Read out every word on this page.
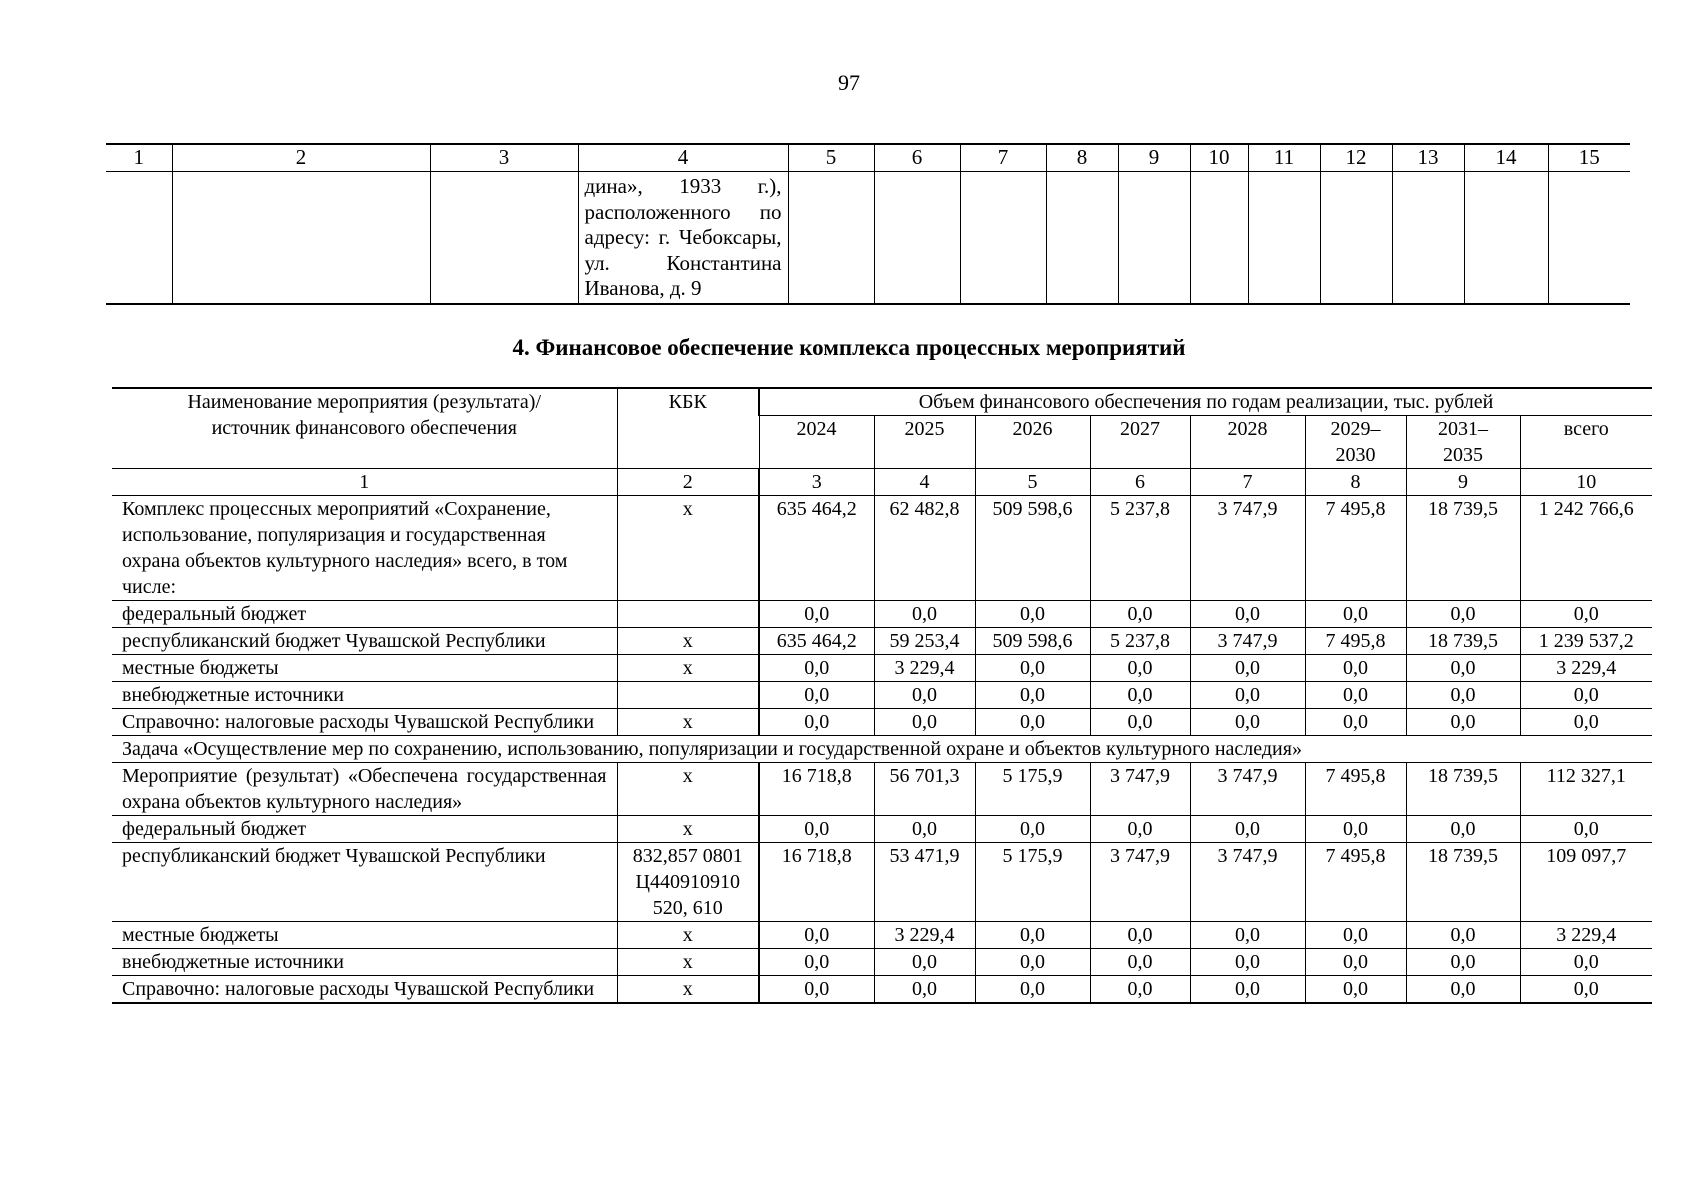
97
1	2	3	4	5	6	7	8	9	10	11	12	13	14	15

			дина», 1933 г.), расположенного по адресу: г. Чебоксары, ул. Константина Иванова, д. 9											

4. Финансовое обеспечение комплекса процессных мероприятий
Наименование мероприятия (результата)/ источник финансового обеспечения	КБК	Объем финансового обеспечения по годам реализации, тыс. рублей							
		2024	2025	2026	2027	2028	2029–2030	2031–2035	всего
1	2	3	4	5	6	7	8	9	10
Комплекс процессных мероприятий «Сохранение, использование, популяризация и государственная охрана объектов культурного наследия» всего, в том числе:	х	635 464,2	62 482,8	509 598,6	5 237,8	3 747,9	7 495,8	18 739,5	1 242 766,6
федеральный бюджет		0,0	0,0	0,0	0,0	0,0	0,0	0,0	0,0
республиканский бюджет Чувашской Республики	х	635 464,2	59 253,4	509 598,6	5 237,8	3 747,9	7 495,8	18 739,5	1 239 537,2
местные бюджеты	х	0,0	3 229,4	0,0	0,0	0,0	0,0	0,0	3 229,4
внебюджетные источники		0,0	0,0	0,0	0,0	0,0	0,0	0,0	0,0
Справочно: налоговые расходы Чувашской Республики	х	0,0	0,0	0,0	0,0	0,0	0,0	0,0	0,0
Задача «Осуществление мер по сохранению, использованию, популяризации и государственной охране и объектов культурного наследия»									
Мероприятие (результат) «Обеспечена государственная охрана объектов культурного наследия»	х	16 718,8	56 701,3	5 175,9	3 747,9	3 747,9	7 495,8	18 739,5	112 327,1
федеральный бюджет	х	0,0	0,0	0,0	0,0	0,0	0,0	0,0	0,0
республиканский бюджет Чувашской Республики	832,857 0801 Ц440910910 520, 610	16 718,8	53 471,9	5 175,9	3 747,9	3 747,9	7 495,8	18 739,5	109 097,7
местные бюджеты	х	0,0	3 229,4	0,0	0,0	0,0	0,0	0,0	3 229,4
внебюджетные источники	х	0,0	0,0	0,0	0,0	0,0	0,0	0,0	0,0
Справочно: налоговые расходы Чувашской Республики	х	0,0	0,0	0,0	0,0	0,0	0,0	0,0	0,0
